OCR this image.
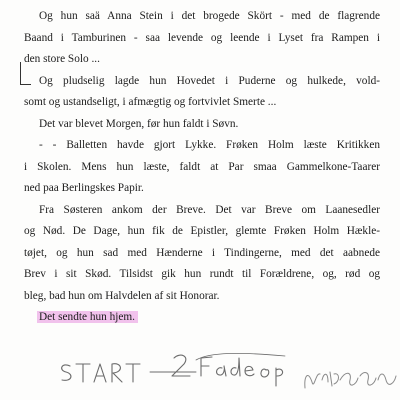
Og hun saä Anna Stein i det brogede Skört - med de flagrende
Baand i Tamburinen - saa levende og leende i Lyset fra Rampen i
den store Solo ...
Og pludselig lagde hun Hovedet i Puderne og hulkede, vold-
somt og ustandseligt, i afmægtig og fortvivlet Smerte ...
Det var blevet Morgen, før hun faldt i Søvn.
- - Balletten havde gjort Lykke. Frøken Holm læste Kritikken
i Skolen. Mens hun læste, faldt at Par smaa Gammelkone-Taarer
ned paa Berlingskes Papir.
Fra Søsteren ankom der Breve. Det var Breve om Laanesedler
og Nød. De Dage, hun fik de Epistler, glemte Frøken Holm Hækle-
tøjet, og hun sad med Hænderne i Tindingerne, med det aabnede
Brev i sit Skød. Tilsidst gik hun rundt til Forældrene, og, rød og
bleg, bad hun om Halvdelen af sit Honorar.
Det sendte hun hjem.
